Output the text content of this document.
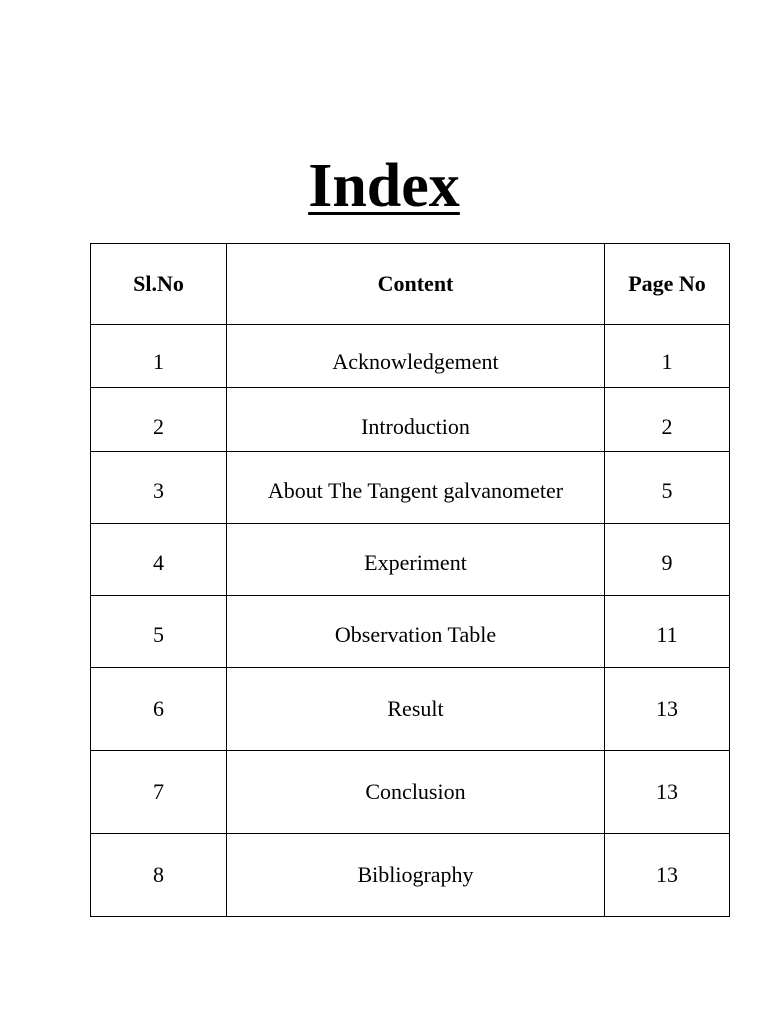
Index
Sl.No	Content	Page No
1	Acknowledgement	1
2	Introduction	2
3	About The Tangent galvanometer	5
4	Experiment	9
5	Observation Table	11
6	Result	13
7	Conclusion	13
8	Bibliography	13
